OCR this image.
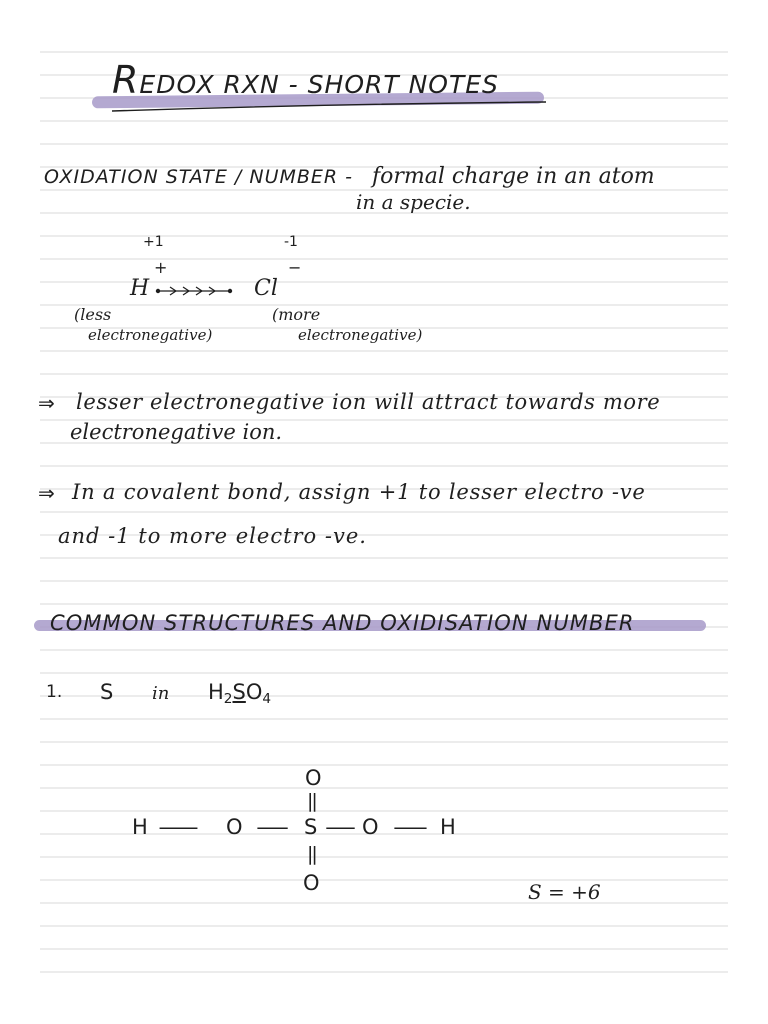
REDOX RXN - SHORT NOTES
OXIDATION STATE / NUMBER - formal charge in an atom
in a specie.
+1	-1
+	−
H	Cl
(less
electronegative)
(more
electronegative)
⇒ lesser electronegative ion will attract towards more
electronegative ion.
⇒ In a covalent bond, assign +1 to lesser electro -ve
and -1 to more electro -ve.
COMMON STRUCTURES AND OXIDISATION NUMBER
1. S in $H_2SO_4$
O
||
H — O — S — O — H
||
O	S = +6
